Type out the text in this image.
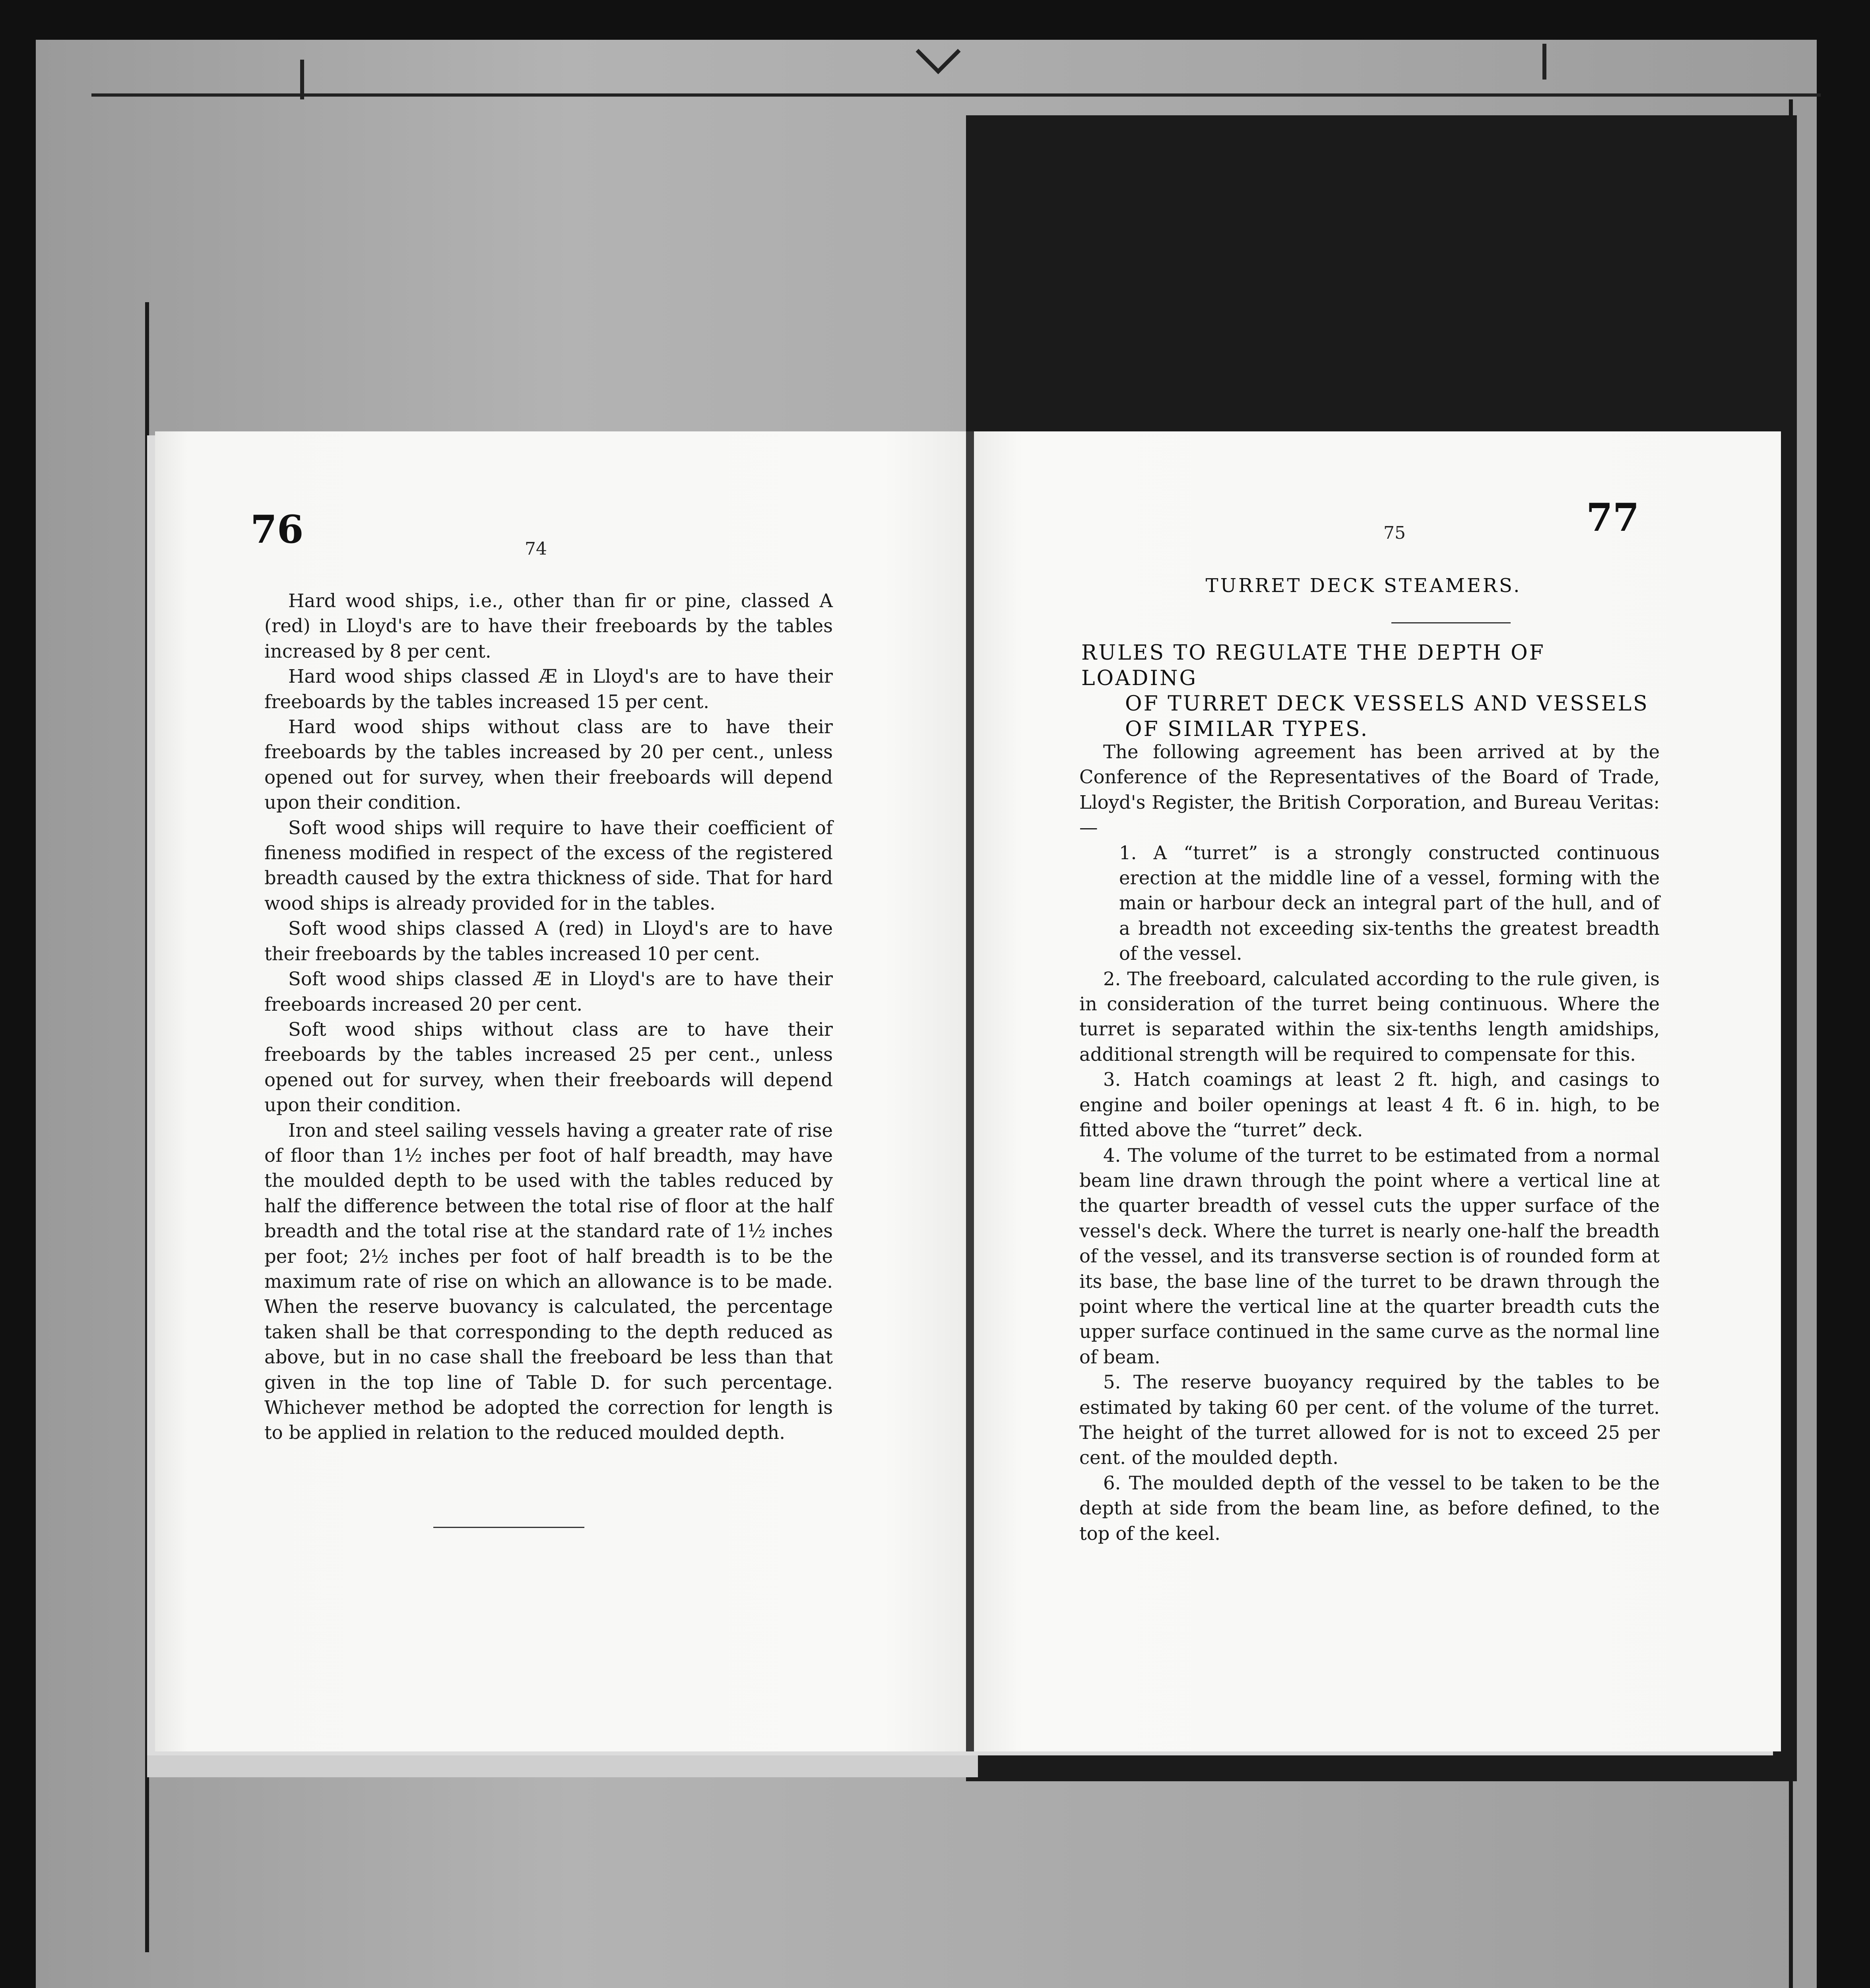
76	74

Hard wood ships, i.e., other than fir or pine, classed A (red) in Lloyd's are to have their freeboards by the tables increased by 8 per cent.

Hard wood ships classed Æ in Lloyd's are to have their freeboards by the tables increased 15 per cent.

Hard wood ships without class are to have their freeboards by the tables increased by 20 per cent., unless opened out for survey, when their freeboards will depend upon their condition.

Soft wood ships will require to have their coefficient of fineness modified in respect of the excess of the registered breadth caused by the extra thickness of side. That for hard wood ships is already provided for in the tables.

Soft wood ships classed A (red) in Lloyd's are to have their freeboards by the tables increased 10 per cent.

Soft wood ships classed Æ in Lloyd's are to have their freeboards increased 20 per cent.

Soft wood ships without class are to have their freeboards by the tables increased 25 per cent., unless opened out for survey, when their freeboards will depend upon their condition.

Iron and steel sailing vessels having a greater rate of rise of floor than 1½ inches per foot of half breadth, may have the moulded depth to be used with the tables reduced by half the difference between the total rise of floor at the half breadth and the total rise at the standard rate of 1½ inches per foot; 2½ inches per foot of half breadth is to be the maximum rate of rise on which an allowance is to be made. When the reserve buovancy is calculated, the percentage taken shall be that corresponding to the depth reduced as above, but in no case shall the freeboard be less than that given in the top line of Table D. for such percentage. Whichever method be adopted the correction for length is to be applied in relation to the reduced moulded depth.

75	77
TURRET DECK STEAMERS.
RULES TO REGULATE THE DEPTH OF LOADING
OF TURRET DECK VESSELS AND VESSELS OF SIMILAR TYPES.

The following agreement has been arrived at by the Conference of the Representatives of the Board of Trade, Lloyd's Register, the British Corporation, and Bureau Veritas:—

1. A “turret” is a strongly constructed continuous erection at the middle line of a vessel, forming with the main or harbour deck an integral part of the hull, and of a breadth not exceeding six-tenths the greatest breadth of the vessel.

2. The freeboard, calculated according to the rule given, is in consideration of the turret being continuous. Where the turret is separated within the six-tenths length amidships, additional strength will be required to compensate for this.

3. Hatch coamings at least 2 ft. high, and casings to engine and boiler openings at least 4 ft. 6 in. high, to be fitted above the “turret” deck.

4. The volume of the turret to be estimated from a normal beam line drawn through the point where a vertical line at the quarter breadth of vessel cuts the upper surface of the vessel's deck. Where the turret is nearly one-half the breadth of the vessel, and its transverse section is of rounded form at its base, the base line of the turret to be drawn through the point where the vertical line at the quarter breadth cuts the upper surface continued in the same curve as the normal line of beam.

5. The reserve buoyancy required by the tables to be estimated by taking 60 per cent. of the volume of the turret. The height of the turret allowed for is not to exceed 25 per cent. of the moulded depth.

6. The moulded depth of the vessel to be taken to be the depth at side from the beam line, as before defined, to the top of the keel.
